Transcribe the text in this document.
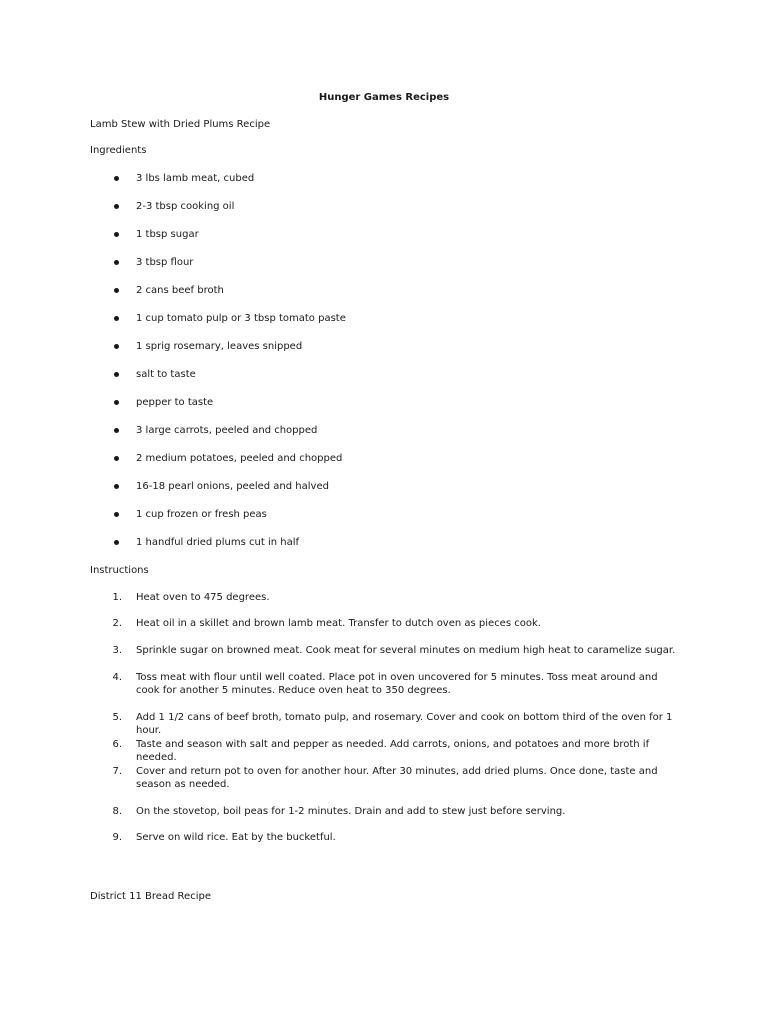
Hunger Games Recipes
Lamb Stew with Dried Plums Recipe
Ingredients
3 lbs lamb meat, cubed
2-3 tbsp cooking oil
1 tbsp sugar
3 tbsp flour
2 cans beef broth
1 cup tomato pulp or 3 tbsp tomato paste
1 sprig rosemary, leaves snipped
salt to taste
pepper to taste
3 large carrots, peeled and chopped
2 medium potatoes, peeled and chopped
16-18 pearl onions, peeled and halved
1 cup frozen or fresh peas
1 handful dried plums cut in half
Instructions
1. Heat oven to 475 degrees.
2. Heat oil in a skillet and brown lamb meat. Transfer to dutch oven as pieces cook.
3. Sprinkle sugar on browned meat. Cook meat for several minutes on medium high heat to caramelize sugar.
4. Toss meat with flour until well coated. Place pot in oven uncovered for 5 minutes. Toss meat around and cook for another 5 minutes. Reduce oven heat to 350 degrees.
5. Add 1 1/2 cans of beef broth, tomato pulp, and rosemary. Cover and cook on bottom third of the oven for 1 hour.
6. Taste and season with salt and pepper as needed. Add carrots, onions, and potatoes and more broth if needed.
7. Cover and return pot to oven for another hour. After 30 minutes, add dried plums. Once done, taste and season as needed.
8. On the stovetop, boil peas for 1-2 minutes. Drain and add to stew just before serving.
9. Serve on wild rice. Eat by the bucketful.
District 11 Bread Recipe
